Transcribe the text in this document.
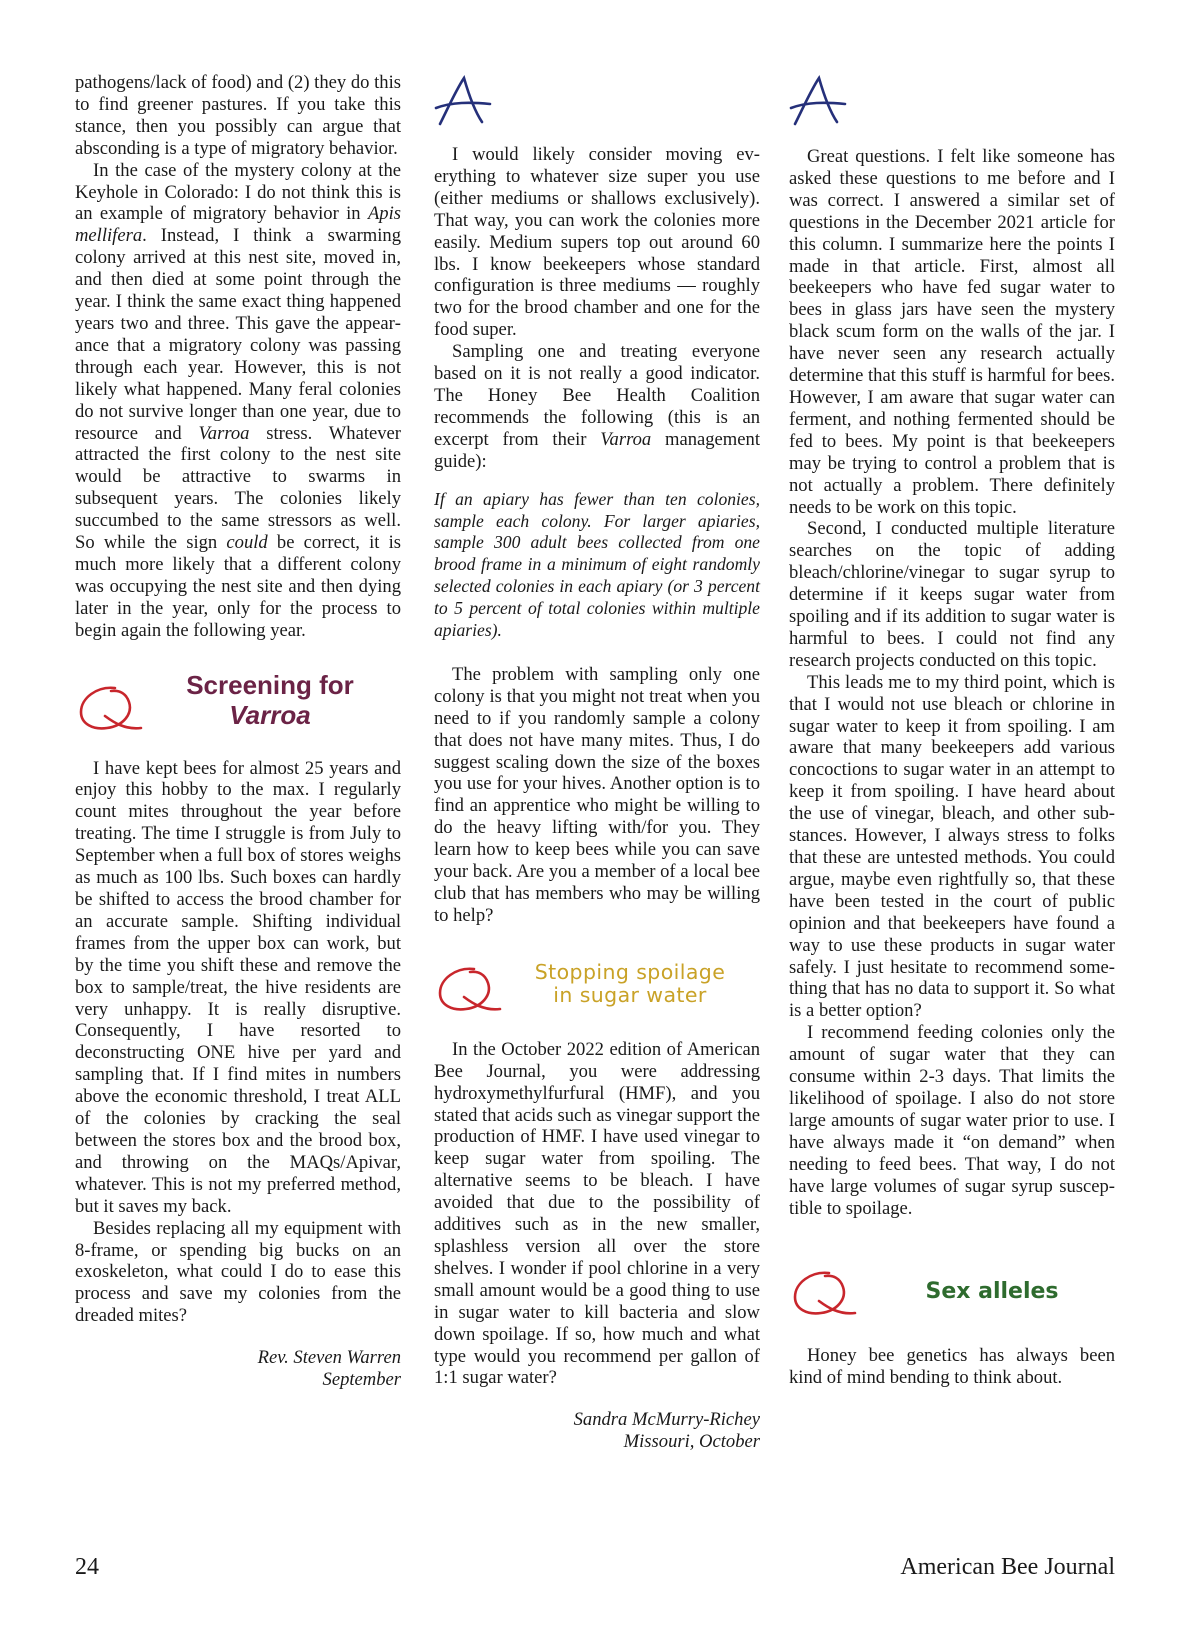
pathogens/lack of food) and (2) they do this to find greener pastures. If you take this stance, then you possibly can argue that absconding is a type of migratory behavior.

In the case of the mystery colony at the Keyhole in Colorado: I do not think this is an example of migratory behavior in Apis mellifera. Instead, I think a swarming colony arrived at this nest site, moved in, and then died at some point through the year. I think the same exact thing happened years two and three. This gave the appearance that a migratory colony was passing through each year. However, this is not likely what happened. Many feral colonies do not survive longer than one year, due to resource and Varroa stress. Whatever attracted the first colony to the nest site would be attractive to swarms in subsequent years. The colonies likely succumbed to the same stressors as well. So while the sign could be correct, it is much more likely that a different colony was occupying the nest site and then dying later in the year, only for the process to begin again the following year.

Screening for
Varroa

I have kept bees for almost 25 years and enjoy this hobby to the max. I regularly count mites throughout the year before treating. The time I struggle is from July to September when a full box of stores weighs as much as 100 lbs. Such boxes can hardly be shifted to access the brood chamber for an accurate sample. Shifting individual frames from the upper box can work, but by the time you shift these and remove the box to sample/treat, the hive residents are very unhappy. It is really disruptive. Consequently, I have resorted to deconstructing ONE hive per yard and sampling that. If I find mites in numbers above the economic threshold, I treat ALL of the colonies by cracking the seal between the stores box and the brood box, and throwing on the MAQs/Apivar, whatever. This is not my preferred method, but it saves my back.

Besides replacing all my equipment with 8-frame, or spending big bucks on an exoskeleton, what could I do to ease this process and save my colonies from the dreaded mites?

Rev. Steven Warren

September

A

I would likely consider moving everything to whatever size super you use (either mediums or shallows exclusively). That way, you can work the colonies more easily. Medium supers top out around 60 lbs. I know beekeepers whose standard configuration is three mediums — roughly two for the brood chamber and one for the food super.

Sampling one and treating everyone based on it is not really a good indicator. The Honey Bee Health Coalition recommends the following (this is an excerpt from their Varroa management guide):

If an apiary has fewer than ten colonies, sample each colony. For larger apiaries, sample 300 adult bees collected from one brood frame in a minimum of eight randomly selected colonies in each apiary (or 3 percent to 5 percent of total colonies within multiple apiaries).

The problem with sampling only one colony is that you might not treat when you need to if you randomly sample a colony that does not have many mites. Thus, I do suggest scaling down the size of the boxes you use for your hives. Another option is to find an apprentice who might be willing to do the heavy lifting with/for you. They learn how to keep bees while you can save your back. Are you a member of a local bee club that has members who may be willing to help?

Stopping spoilage
in sugar water

In the October 2022 edition of American Bee Journal, you were addressing hydroxymethylfurfural (HMF), and you stated that acids such as vinegar support the production of HMF. I have used vinegar to keep sugar water from spoiling. The alternative seems to be bleach. I have avoided that due to the possibility of additives such as in the new smaller, splashless version all over the store shelves. I wonder if pool chlorine in a very small amount would be a good thing to use in sugar water to kill bacteria and slow down spoilage. If so, how much and what type would you recommend per gallon of 1:1 sugar water?

Sandra McMurry-Richey

Missouri, October

A

Great questions. I felt like someone has asked these questions to me before and I was correct. I answered a similar set of questions in the December 2021 article for this column. I summarize here the points I made in that article. First, almost all beekeepers who have fed sugar water to bees in glass jars have seen the mystery black scum form on the walls of the jar. I have never seen any research actually determine that this stuff is harmful for bees. However, I am aware that sugar water can ferment, and nothing fermented should be fed to bees. My point is that beekeepers may be trying to control a problem that is not actually a problem. There definitely needs to be work on this topic.

Second, I conducted multiple literature searches on the topic of adding bleach/chlorine/vinegar to sugar syrup to determine if it keeps sugar water from spoiling and if its addition to sugar water is harmful to bees. I could not find any research projects conducted on this topic.

This leads me to my third point, which is that I would not use bleach or chlorine in sugar water to keep it from spoiling. I am aware that many beekeepers add various concoctions to sugar water in an attempt to keep it from spoiling. I have heard about the use of vinegar, bleach, and other substances. However, I always stress to folks that these are untested methods. You could argue, maybe even rightfully so, that these have been tested in the court of public opinion and that beekeepers have found a way to use these products in sugar water safely. I just hesitate to recommend something that has no data to support it. So what is a better option?

I recommend feeding colonies only the amount of sugar water that they can consume within 2-3 days. That limits the likelihood of spoilage. I also do not store large amounts of sugar water prior to use. I have always made it “on demand” when needing to feed bees. That way, I do not have large volumes of sugar syrup susceptible to spoilage.

Sex alleles

Honey bee genetics has always been kind of mind bending to think about.

24	American Bee Journal
